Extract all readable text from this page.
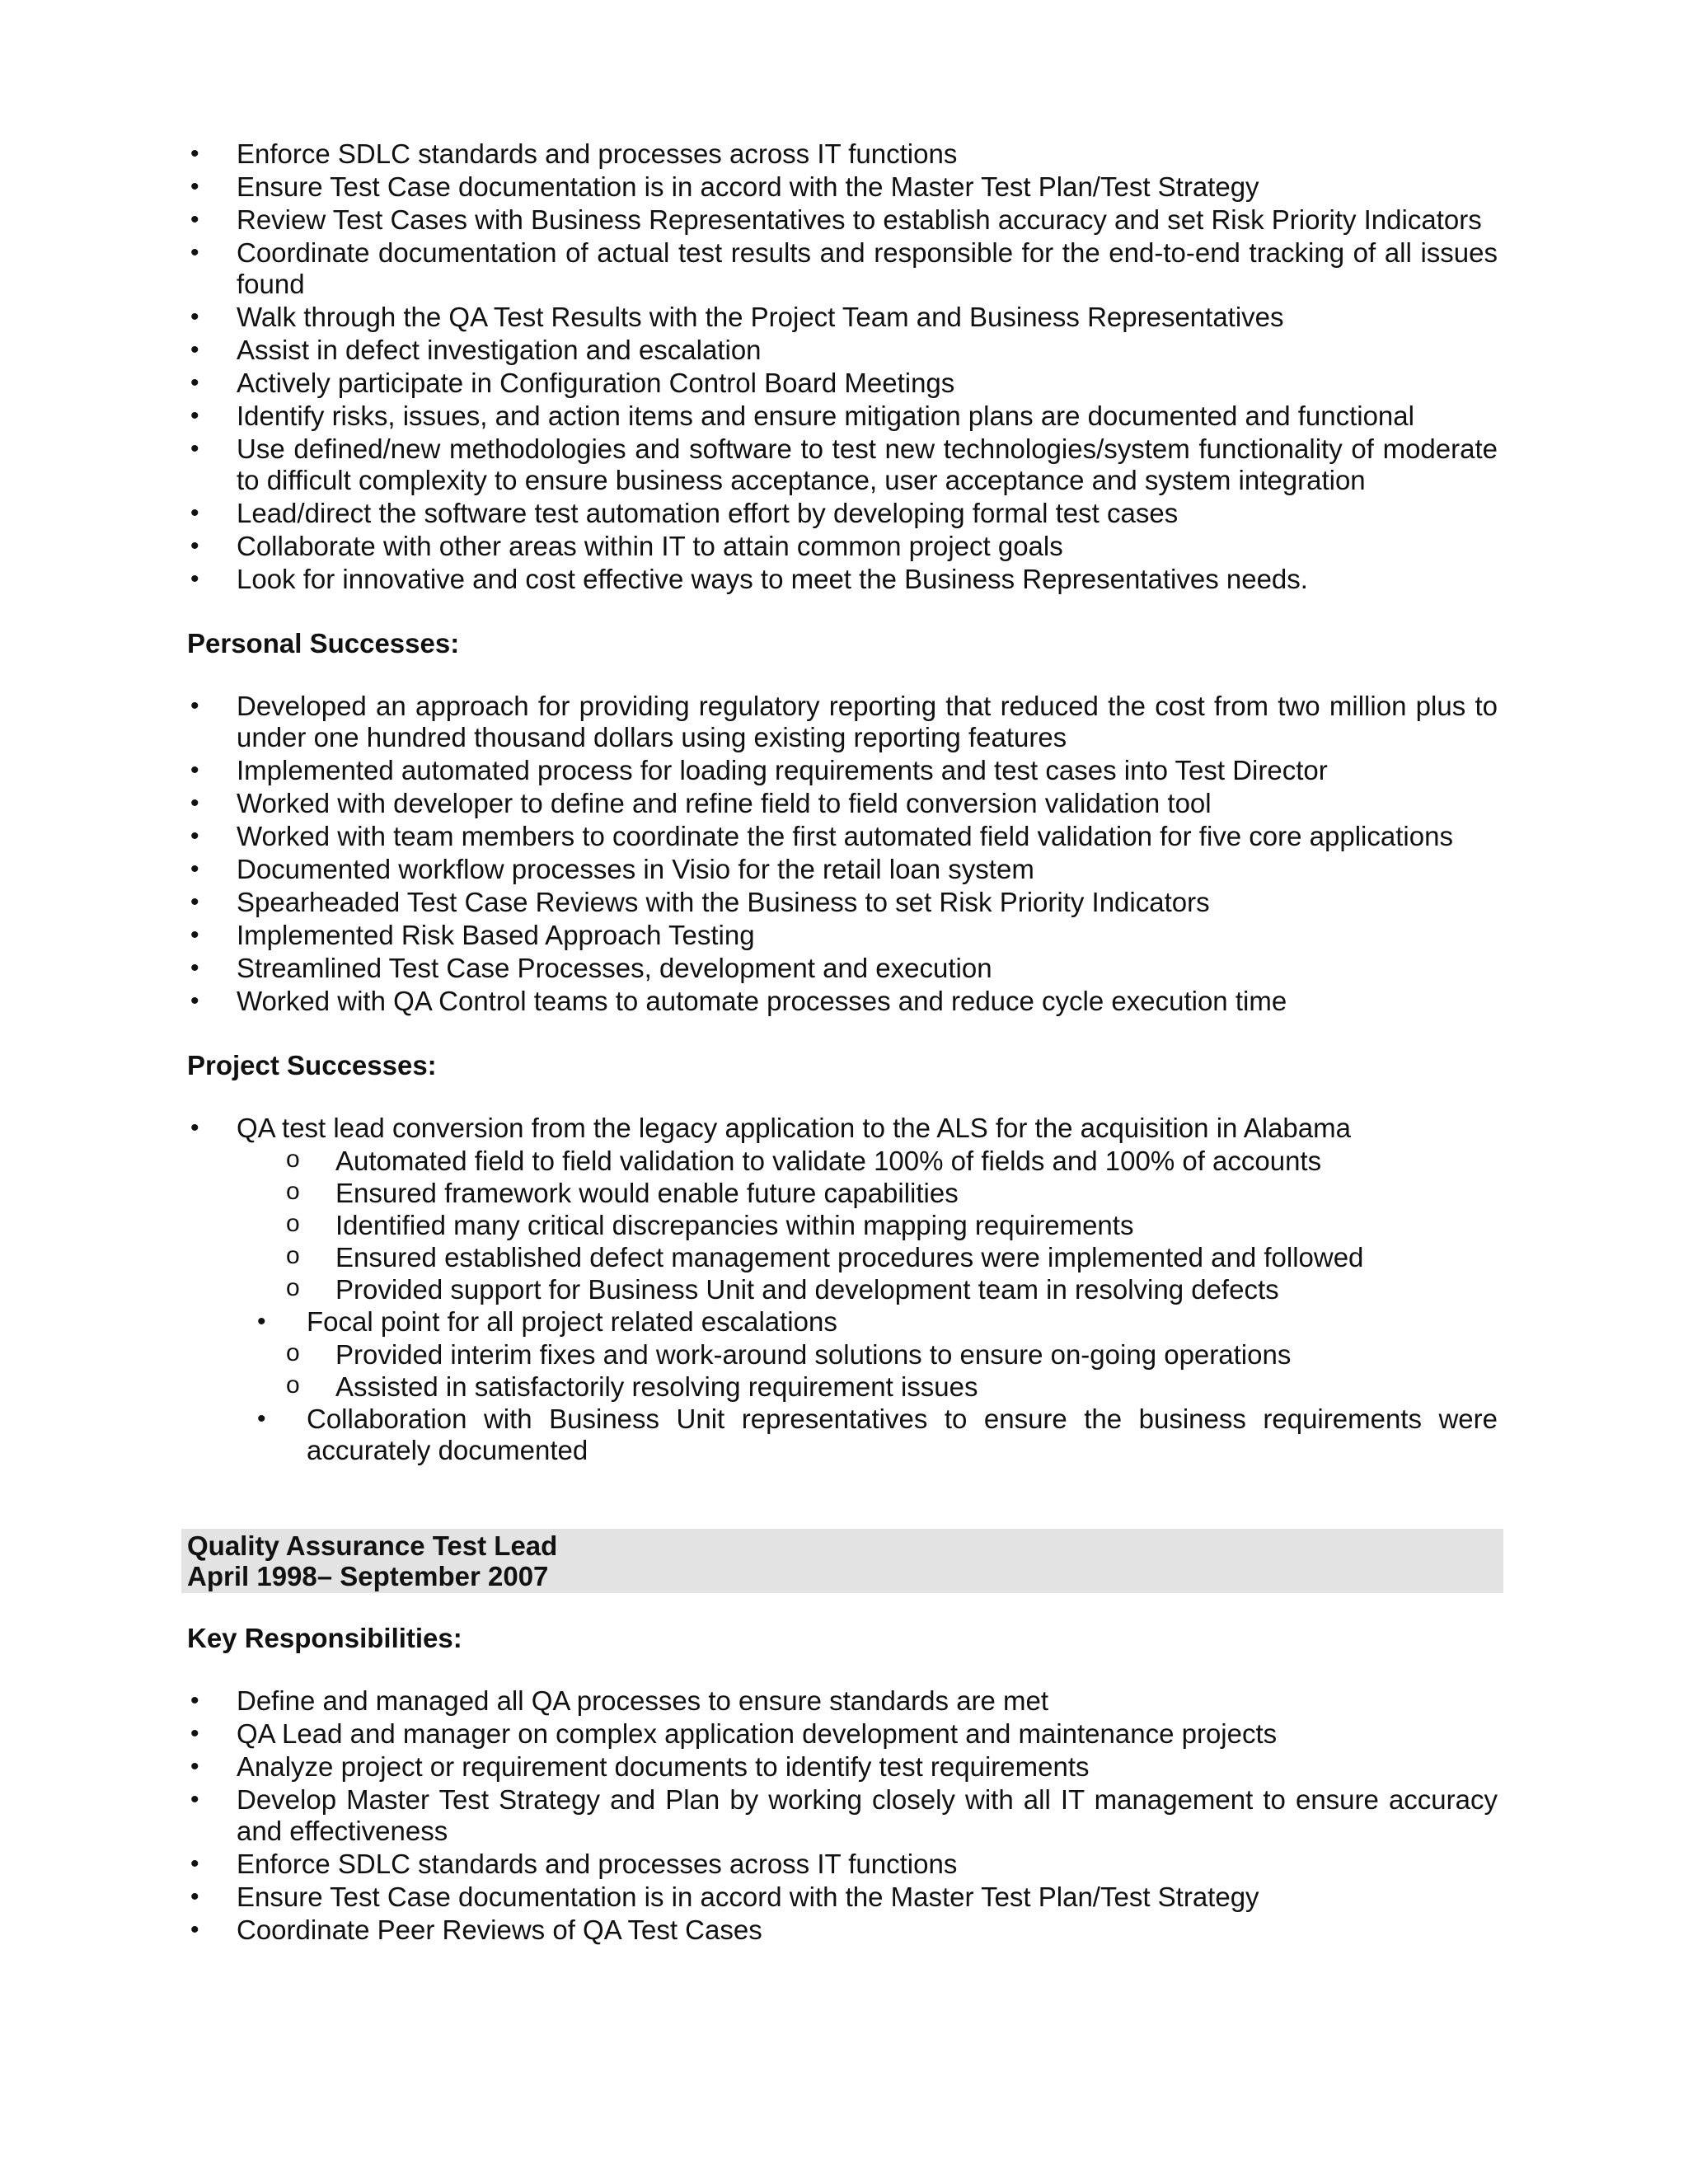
• Enforce SDLC standards and processes across IT functions
• Ensure Test Case documentation is in accord with the Master Test Plan/Test Strategy
• Review Test Cases with Business Representatives to establish accuracy and set Risk Priority Indicators
• Coordinate documentation of actual test results and responsible for the end-to-end tracking of all issues found
• Walk through the QA Test Results with the Project Team and Business Representatives
• Assist in defect investigation and escalation
• Actively participate in Configuration Control Board Meetings
• Identify risks, issues, and action items and ensure mitigation plans are documented and functional
• Use defined/new methodologies and software to test new technologies/system functionality of moderate to difficult complexity to ensure business acceptance, user acceptance and system integration
• Lead/direct the software test automation effort by developing formal test cases
• Collaborate with other areas within IT to attain common project goals
• Look for innovative and cost effective ways to meet the Business Representatives needs.
Personal Successes:
• Developed an approach for providing regulatory reporting that reduced the cost from two million plus to under one hundred thousand dollars using existing reporting features
• Implemented automated process for loading requirements and test cases into Test Director
• Worked with developer to define and refine field to field conversion validation tool
• Worked with team members to coordinate the first automated field validation for five core applications
• Documented workflow processes in Visio for the retail loan system
• Spearheaded Test Case Reviews with the Business to set Risk Priority Indicators
• Implemented Risk Based Approach Testing
• Streamlined Test Case Processes, development and execution
• Worked with QA Control teams to automate processes and reduce cycle execution time
Project Successes:
• QA test lead conversion from the legacy application to the ALS for the acquisition in Alabama
o Automated field to field validation to validate 100% of fields and 100% of accounts
o Ensured framework would enable future capabilities
o Identified many critical discrepancies within mapping requirements
o Ensured established defect management procedures were implemented and followed
o Provided support for Business Unit and development team in resolving defects
• Focal point for all project related escalations
o Provided interim fixes and work-around solutions to ensure on-going operations
o Assisted in satisfactorily resolving requirement issues
• Collaboration with Business Unit representatives to ensure the business requirements were accurately documented
Quality Assurance Test Lead
April 1998– September 2007
Key Responsibilities:
• Define and managed all QA processes to ensure standards are met
• QA Lead and manager on complex application development and maintenance projects
• Analyze project or requirement documents to identify test requirements
• Develop Master Test Strategy and Plan by working closely with all IT management to ensure accuracy and effectiveness
• Enforce SDLC standards and processes across IT functions
• Ensure Test Case documentation is in accord with the Master Test Plan/Test Strategy
• Coordinate Peer Reviews of QA Test Cases
